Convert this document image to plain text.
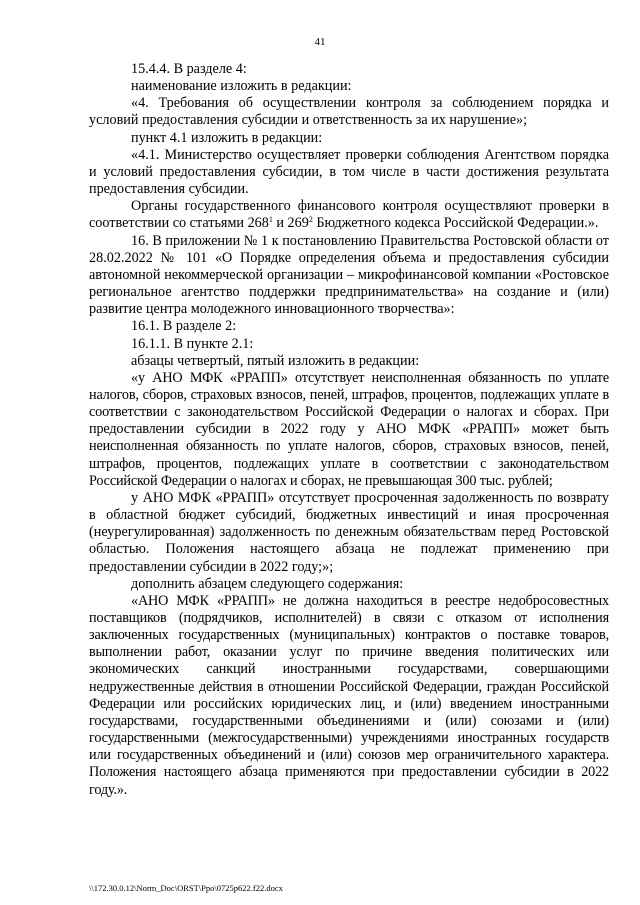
41

15.4.4. В разделе 4:

наименование изложить в редакции:

«4. Требования об осуществлении контроля за соблюдением порядка и условий предоставления субсидии и ответственность за их нарушение»;

пункт 4.1 изложить в редакции:

«4.1. Министерство осуществляет проверки соблюдения Агентством порядка и условий предоставления субсидии, в том числе в части достижения результата предоставления субсидии.

Органы государственного финансового контроля осуществляют проверки в соответствии со статьями $268^1$ и $269^2$ Бюджетного кодекса Российской Федерации.».

16. В приложении № 1 к постановлению Правительства Ростовской области от 28.02.2022 № 101 «О Порядке определения объема и предоставления субсидии автономной некоммерческой организации – микрофинансовой компании «Ростовское региональное агентство поддержки предпринимательства» на создание и (или) развитие центра молодежного инновационного творчества»:

16.1. В разделе 2:

16.1.1. В пункте 2.1:

абзацы четвертый, пятый изложить в редакции:

«у АНО МФК «РРАПП» отсутствует неисполненная обязанность по уплате налогов, сборов, страховых взносов, пеней, штрафов, процентов, подлежащих уплате в соответствии с законодательством Российской Федерации о налогах и сборах. При предоставлении субсидии в 2022 году у АНО МФК «РРАПП» может быть неисполненная обязанность по уплате налогов, сборов, страховых взносов, пеней, штрафов, процентов, подлежащих уплате в соответствии с законодательством Российской Федерации о налогах и сборах, не превышающая 300 тыс. рублей;

у АНО МФК «РРАПП» отсутствует просроченная задолженность по возврату в областной бюджет субсидий, бюджетных инвестиций и иная просроченная (неурегулированная) задолженность по денежным обязательствам перед Ростовской областью. Положения настоящего абзаца не подлежат применению при предоставлении субсидии в 2022 году;»;

дополнить абзацем следующего содержания:

«АНО МФК «РРАПП» не должна находиться в реестре недобросовестных поставщиков (подрядчиков, исполнителей) в связи с отказом от исполнения заключенных государственных (муниципальных) контрактов о поставке товаров, выполнении работ, оказании услуг по причине введения политических или экономических санкций иностранными государствами, совершающими недружественные действия в отношении Российской Федерации, граждан Российской Федерации или российских юридических лиц, и (или) введением иностранными государствами, государственными объединениями и (или) союзами и (или) государственными (межгосударственными) учреждениями иностранных государств или государственных объединений и (или) союзов мер ограничительного характера. Положения настоящего абзаца применяются при предоставлении субсидии в 2022 году.».

\\172.30.0.12\Norm_Doc\ORST\Ppo\0725p622.f22.docx
